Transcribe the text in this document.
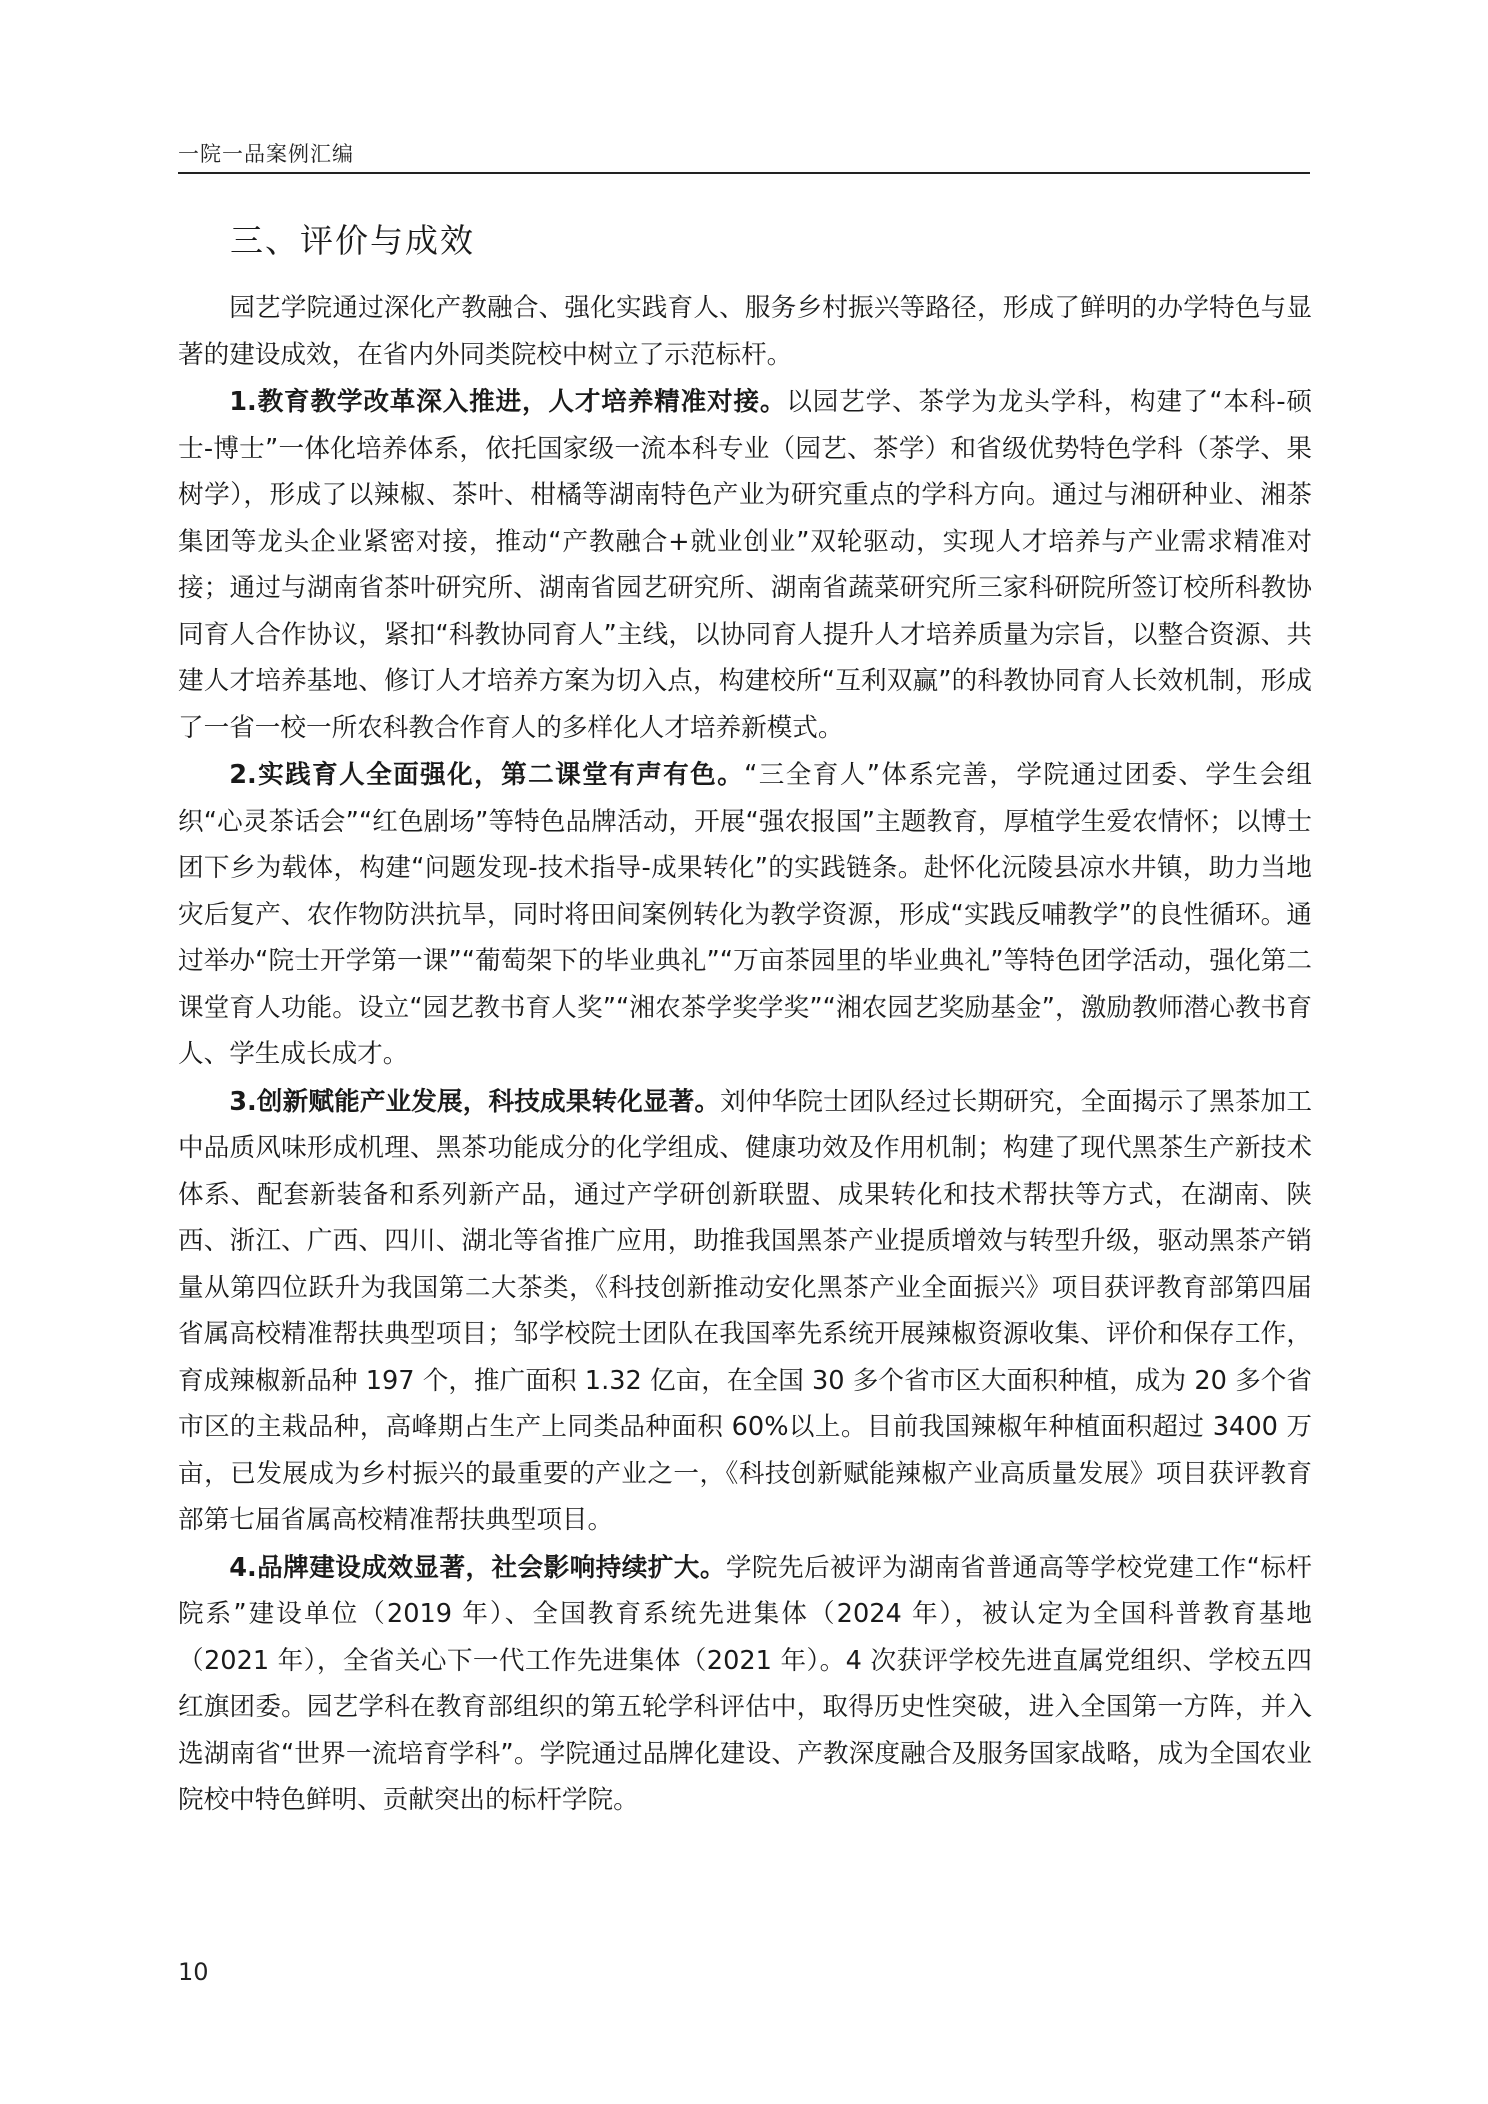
一院一品案例汇编
三、评价与成效

园艺学院通过深化产教融合、强化实践育人、服务乡村振兴等路径，形成了鲜明的办学特色与显著的建设成效，在省内外同类院校中树立了示范标杆。

1.教育教学改革深入推进，人才培养精准对接。以园艺学、茶学为龙头学科，构建了“本科-硕士-博士”一体化培养体系，依托国家级一流本科专业（园艺、茶学）和省级优势特色学科（茶学、果树学），形成了以辣椒、茶叶、柑橘等湖南特色产业为研究重点的学科方向。通过与湘研种业、湘茶集团等龙头企业紧密对接，推动“产教融合+就业创业”双轮驱动，实现人才培养与产业需求精准对接；通过与湖南省茶叶研究所、湖南省园艺研究所、湖南省蔬菜研究所三家科研院所签订校所科教协同育人合作协议，紧扣“科教协同育人”主线，以协同育人提升人才培养质量为宗旨，以整合资源、共建人才培养基地、修订人才培养方案为切入点，构建校所“互利双赢”的科教协同育人长效机制，形成了一省一校一所农科教合作育人的多样化人才培养新模式。

2.实践育人全面强化，第二课堂有声有色。“三全育人”体系完善，学院通过团委、学生会组织“心灵茶话会”“红色剧场”等特色品牌活动，开展“强农报国”主题教育，厚植学生爱农情怀；以博士团下乡为载体，构建“问题发现-技术指导-成果转化”的实践链条。赴怀化沅陵县凉水井镇，助力当地灾后复产、农作物防洪抗旱，同时将田间案例转化为教学资源，形成“实践反哺教学”的良性循环。通过举办“院士开学第一课”“葡萄架下的毕业典礼”“万亩茶园里的毕业典礼”等特色团学活动，强化第二课堂育人功能。设立“园艺教书育人奖”“湘农茶学奖学奖”“湘农园艺奖励基金”，激励教师潜心教书育人、学生成长成才。

3.创新赋能产业发展，科技成果转化显著。刘仲华院士团队经过长期研究，全面揭示了黑茶加工中品质风味形成机理、黑茶功能成分的化学组成、健康功效及作用机制；构建了现代黑茶生产新技术体系、配套新装备和系列新产品，通过产学研创新联盟、成果转化和技术帮扶等方式，在湖南、陕西、浙江、广西、四川、湖北等省推广应用，助推我国黑茶产业提质增效与转型升级，驱动黑茶产销量从第四位跃升为我国第二大茶类，《科技创新推动安化黑茶产业全面振兴》项目获评教育部第四届省属高校精准帮扶典型项目；邹学校院士团队在我国率先系统开展辣椒资源收集、评价和保存工作，育成辣椒新品种 197 个，推广面积 1.32 亿亩，在全国 30 多个省市区大面积种植，成为 20 多个省市区的主栽品种，高峰期占生产上同类品种面积 60%以上。目前我国辣椒年种植面积超过 3400 万亩，已发展成为乡村振兴的最重要的产业之一，《科技创新赋能辣椒产业高质量发展》项目获评教育部第七届省属高校精准帮扶典型项目。

4.品牌建设成效显著，社会影响持续扩大。学院先后被评为湖南省普通高等学校党建工作“标杆院系”建设单位（2019 年）、全国教育系统先进集体（2024 年），被认定为全国科普教育基地（2021 年），全省关心下一代工作先进集体（2021 年）。4 次获评学校先进直属党组织、学校五四红旗团委。园艺学科在教育部组织的第五轮学科评估中，取得历史性突破，进入全国第一方阵，并入选湖南省“世界一流培育学科”。学院通过品牌化建设、产教深度融合及服务国家战略，成为全国农业院校中特色鲜明、贡献突出的标杆学院。

10
